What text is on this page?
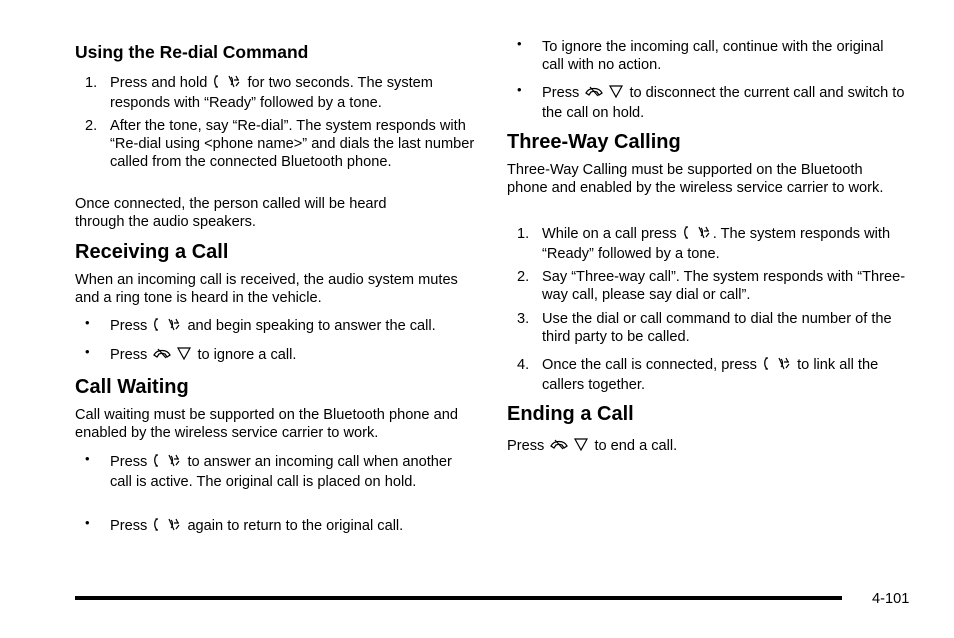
Using the Re-dial Command
1. Press and hold	for two seconds. The system responds with “Ready” followed by a tone.
2. After the tone, say “Re-dial”. The system responds with “Re-dial using <phone name>” and dials the last number called from the connected Bluetooth phone.
Once connected, the person called will be heard through the audio speakers.
Receiving a Call
When an incoming call is received, the audio system mutes and a ring tone is heard in the vehicle.
• Press	and begin speaking to answer the call.
• Press	to ignore a call.
Call Waiting
Call waiting must be supported on the Bluetooth phone and enabled by the wireless service carrier to work.
• Press	to answer an incoming call when another call is active. The original call is placed on hold.
• Press	again to return to the original call.
• To ignore the incoming call, continue with the original call with no action.
• Press	to disconnect the current call and switch to the call on hold.
Three-Way Calling
Three-Way Calling must be supported on the Bluetooth phone and enabled by the wireless service carrier to work.
1. While on a call press . The system responds with “Ready” followed by a tone.
2. Say “Three-way call”. The system responds with “Three-way call, please say dial or call”.
3. Use the dial or call command to dial the number of the third party to be called.
4. Once the call is connected, press	to link all the callers together.
Ending a Call
Press	to end a call.
4-101
